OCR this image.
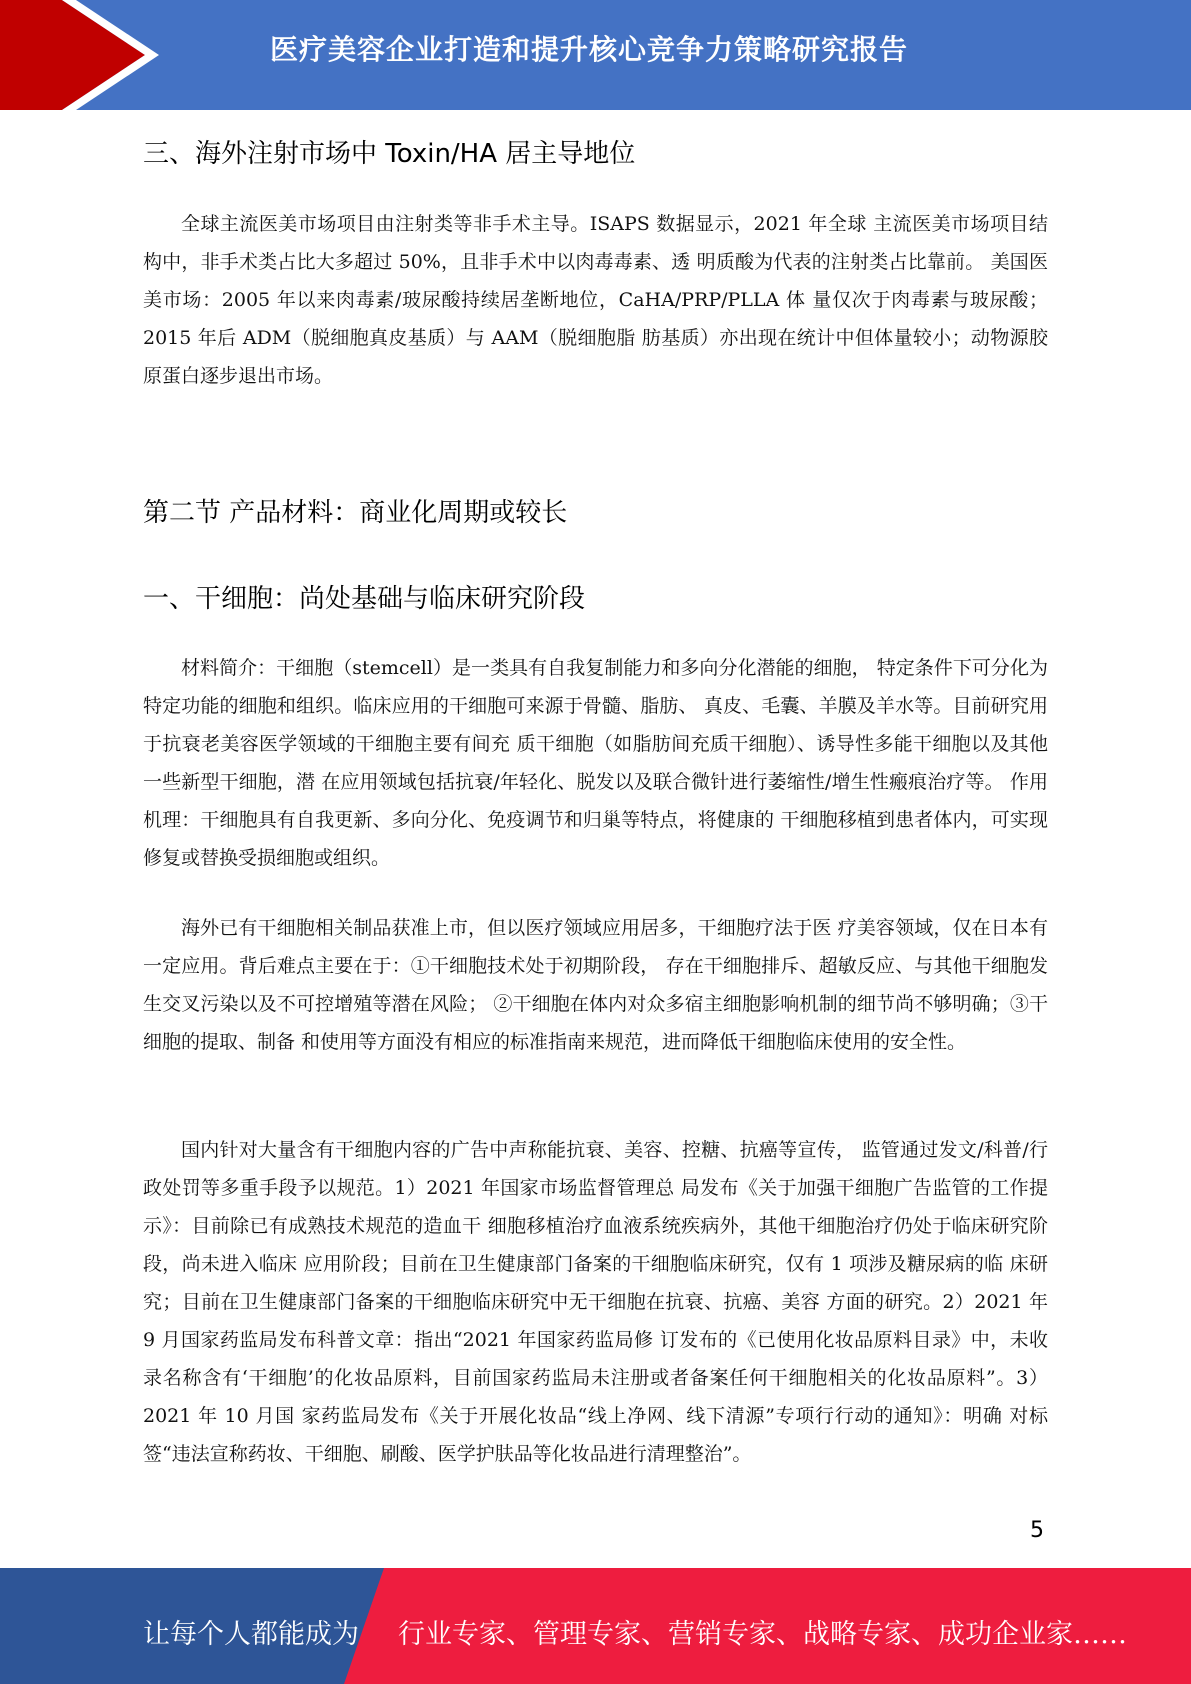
医疗美容企业打造和提升核心竞争力策略研究报告
三、海外注射市场中 Toxin/HA 居主导地位
全球主流医美市场项目由注射类等非手术主导。ISAPS 数据显示，2021 年全球 主流医美市场项目结构中，非手术类占比大多超过 50%，且非手术中以肉毒毒素、透 明质酸为代表的注射类占比靠前。 美国医美市场：2005 年以来肉毒素/玻尿酸持续居垄断地位，CaHA/PRP/PLLA 体 量仅次于肉毒素与玻尿酸；2015 年后 ADM（脱细胞真皮基质）与 AAM（脱细胞脂 肪基质）亦出现在统计中但体量较小；动物源胶原蛋白逐步退出市场。
第二节 产品材料：商业化周期或较长
一、干细胞：尚处基础与临床研究阶段
材料简介：干细胞（stemcell）是一类具有自我复制能力和多向分化潜能的细胞， 特定条件下可分化为特定功能的细胞和组织。临床应用的干细胞可来源于骨髓、脂肪、 真皮、毛囊、羊膜及羊水等。目前研究用于抗衰老美容医学领域的干细胞主要有间充 质干细胞（如脂肪间充质干细胞）、诱导性多能干细胞以及其他一些新型干细胞，潜 在应用领域包括抗衰/年轻化、脱发以及联合微针进行萎缩性/增生性瘢痕治疗等。 作用机理：干细胞具有自我更新、多向分化、免疫调节和归巢等特点，将健康的 干细胞移植到患者体内，可实现修复或替换受损细胞或组织。
海外已有干细胞相关制品获准上市，但以医疗领域应用居多，干细胞疗法于医 疗美容领域，仅在日本有一定应用。背后难点主要在于：①干细胞技术处于初期阶段， 存在干细胞排斥、超敏反应、与其他干细胞发生交叉污染以及不可控增殖等潜在风险； ②干细胞在体内对众多宿主细胞影响机制的细节尚不够明确；③干细胞的提取、制备 和使用等方面没有相应的标准指南来规范，进而降低干细胞临床使用的安全性。
国内针对大量含有干细胞内容的广告中声称能抗衰、美容、控糖、抗癌等宣传， 监管通过发文/科普/行政处罚等多重手段予以规范。1）2021 年国家市场监督管理总 局发布《关于加强干细胞广告监管的工作提示》：目前除已有成熟技术规范的造血干 细胞移植治疗血液系统疾病外，其他干细胞治疗仍处于临床研究阶段，尚未进入临床 应用阶段；目前在卫生健康部门备案的干细胞临床研究，仅有 1 项涉及糖尿病的临 床研究；目前在卫生健康部门备案的干细胞临床研究中无干细胞在抗衰、抗癌、美容 方面的研究。2）2021 年 9 月国家药监局发布科普文章：指出“2021 年国家药监局修 订发布的《已使用化妆品原料目录》中，未收录名称含有‘干细胞’的化妆品原料，目前国家药监局未注册或者备案任何干细胞相关的化妆品原料”。3）2021 年 10 月国 家药监局发布《关于开展化妆品“线上净网、线下清源”专项行行动的通知》：明确 对标签“违法宣称药妆、干细胞、刷酸、医学护肤品等化妆品进行清理整治”。
5
让每个人都能成为 行业专家、管理专家、营销专家、战略专家、成功企业家……
